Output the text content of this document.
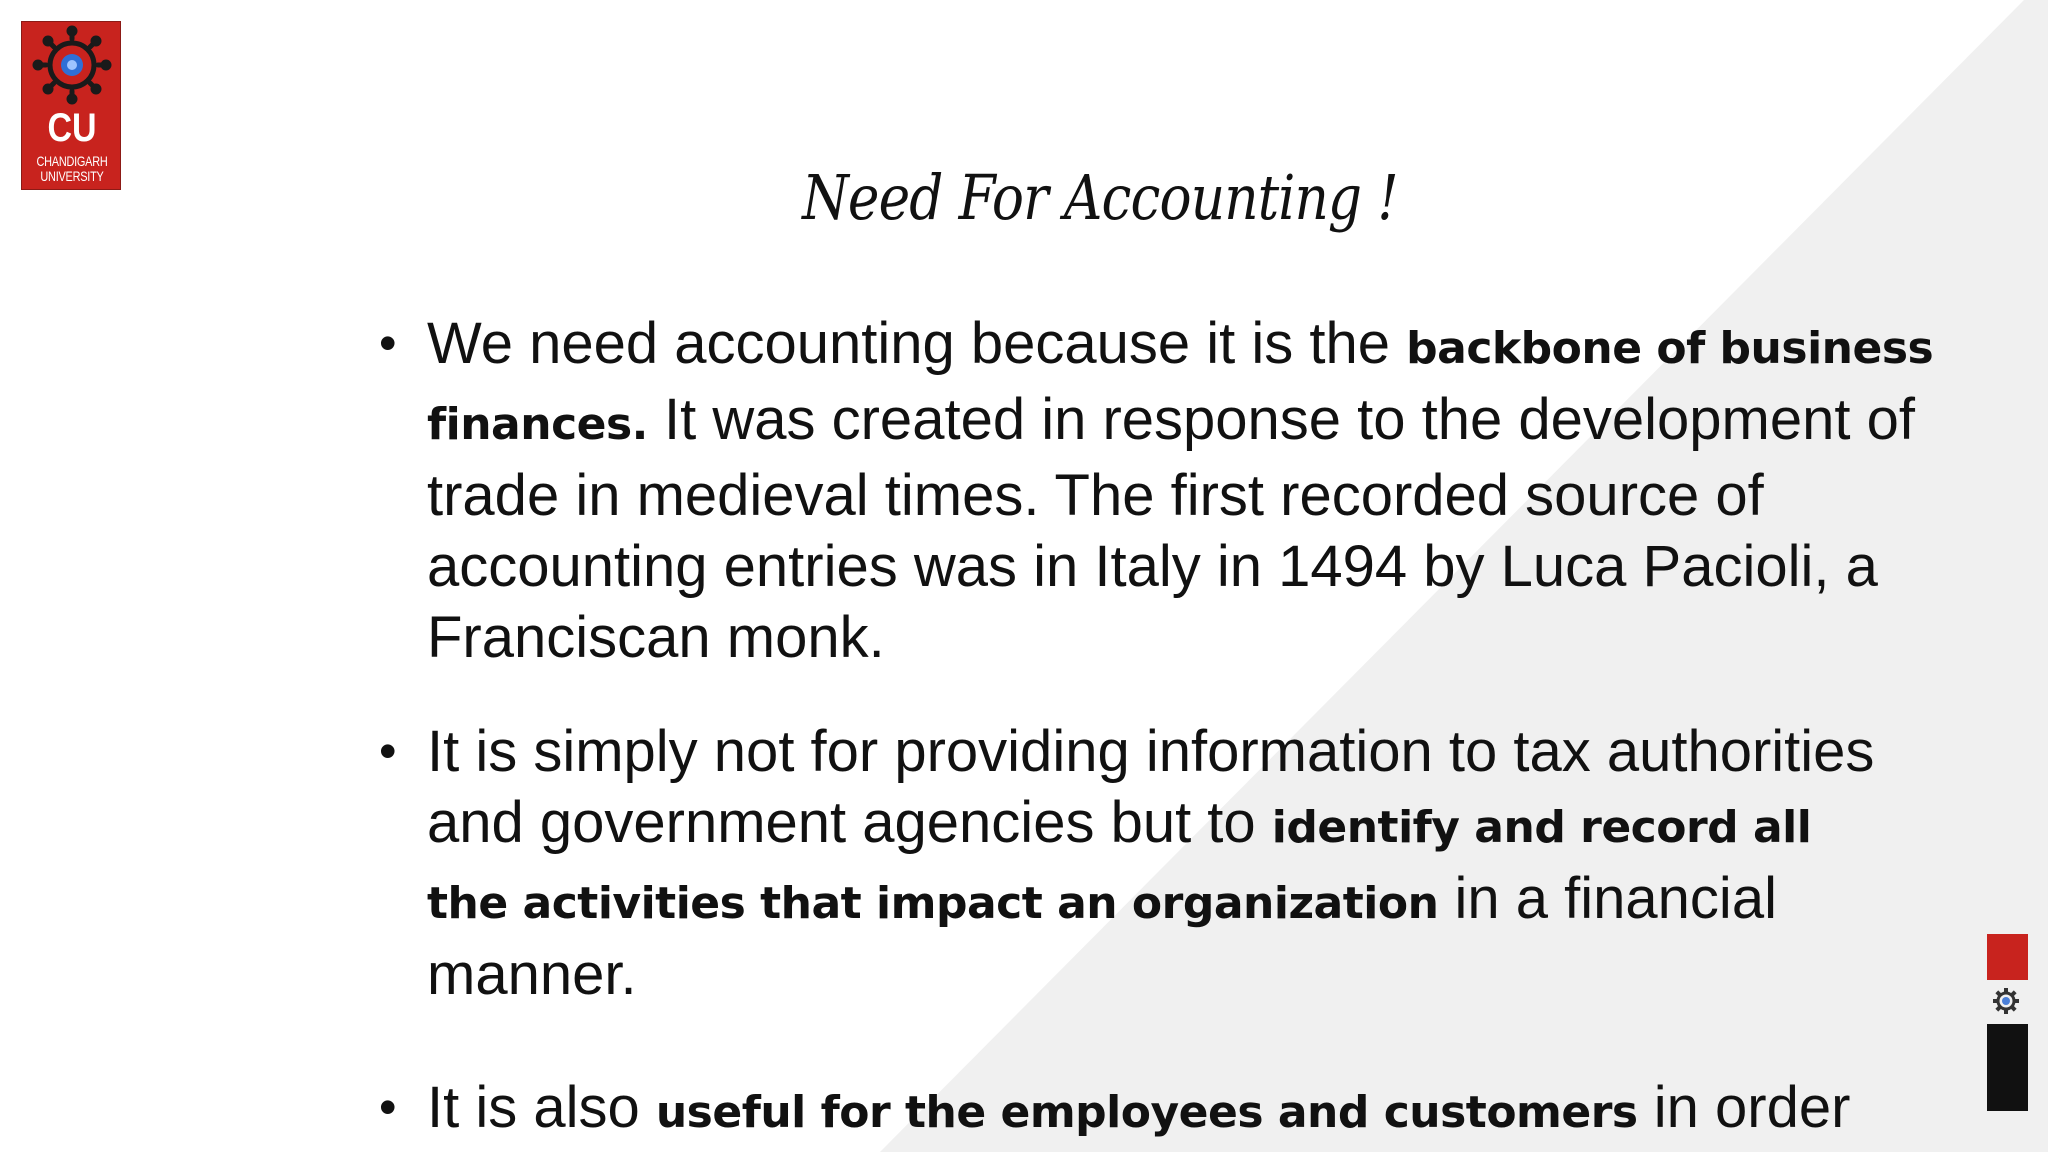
CU
CHANDIGARH
UNIVERSITY	Need For Accounting !
• We need accounting because it is the backbone of business finances. It was created in response to the development of trade in medieval times. The first recorded source of accounting entries was in Italy in 1494 by Luca Pacioli, a Franciscan monk.
• It is simply not for providing information to tax authorities and government agencies but to identify and record all the activities that impact an organization in a financial manner.
• It is also useful for the employees and customers in order
